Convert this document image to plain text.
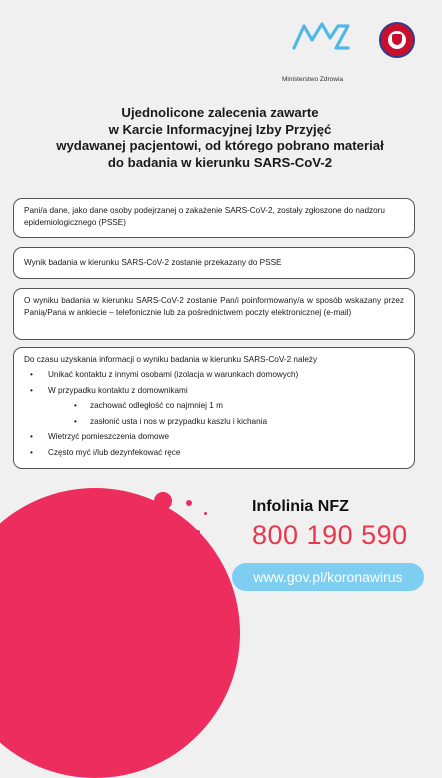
Ministerstwo Zdrowia
Ujednolicone zalecenia zawarte
w Karcie Informacyjnej Izby Przyjęć
wydawanej pacjentowi, od którego pobrano materiał
do badania w kierunku SARS-CoV-2
Pani/a dane, jako dane osoby podejrzanej o zakażenie SARS-CoV-2, zostały zgłoszone do nadzoru epidemiologicznego (PSSE)
Wynik badania w kierunku SARS-CoV-2 zostanie przekazany do PSSE
O wyniku badania w kierunku SARS-CoV-2 zostanie Pan/i poinformowany/a w sposób wskazany przez Panią/Pana w ankiecie – telefonicznie lub za pośrednictwem poczty elektronicznej (e-mail)
Do czasu uzyskania informacji o wyniku badania w kierunku SARS-CoV-2 należy
• Unikać kontaktu z innymi osobami (izolacja w warunkach domowych)
• W przypadku kontaktu z domownikami
• zachować odległość co najmniej 1 m
• zasłonić usta i nos w przypadku kaszlu i kichania
• Wietrzyć pomieszczenia domowe
• Często myć i/lub dezynfekować ręce
Infolinia NFZ
800 190 590
www.gov.pl/koronawirus
